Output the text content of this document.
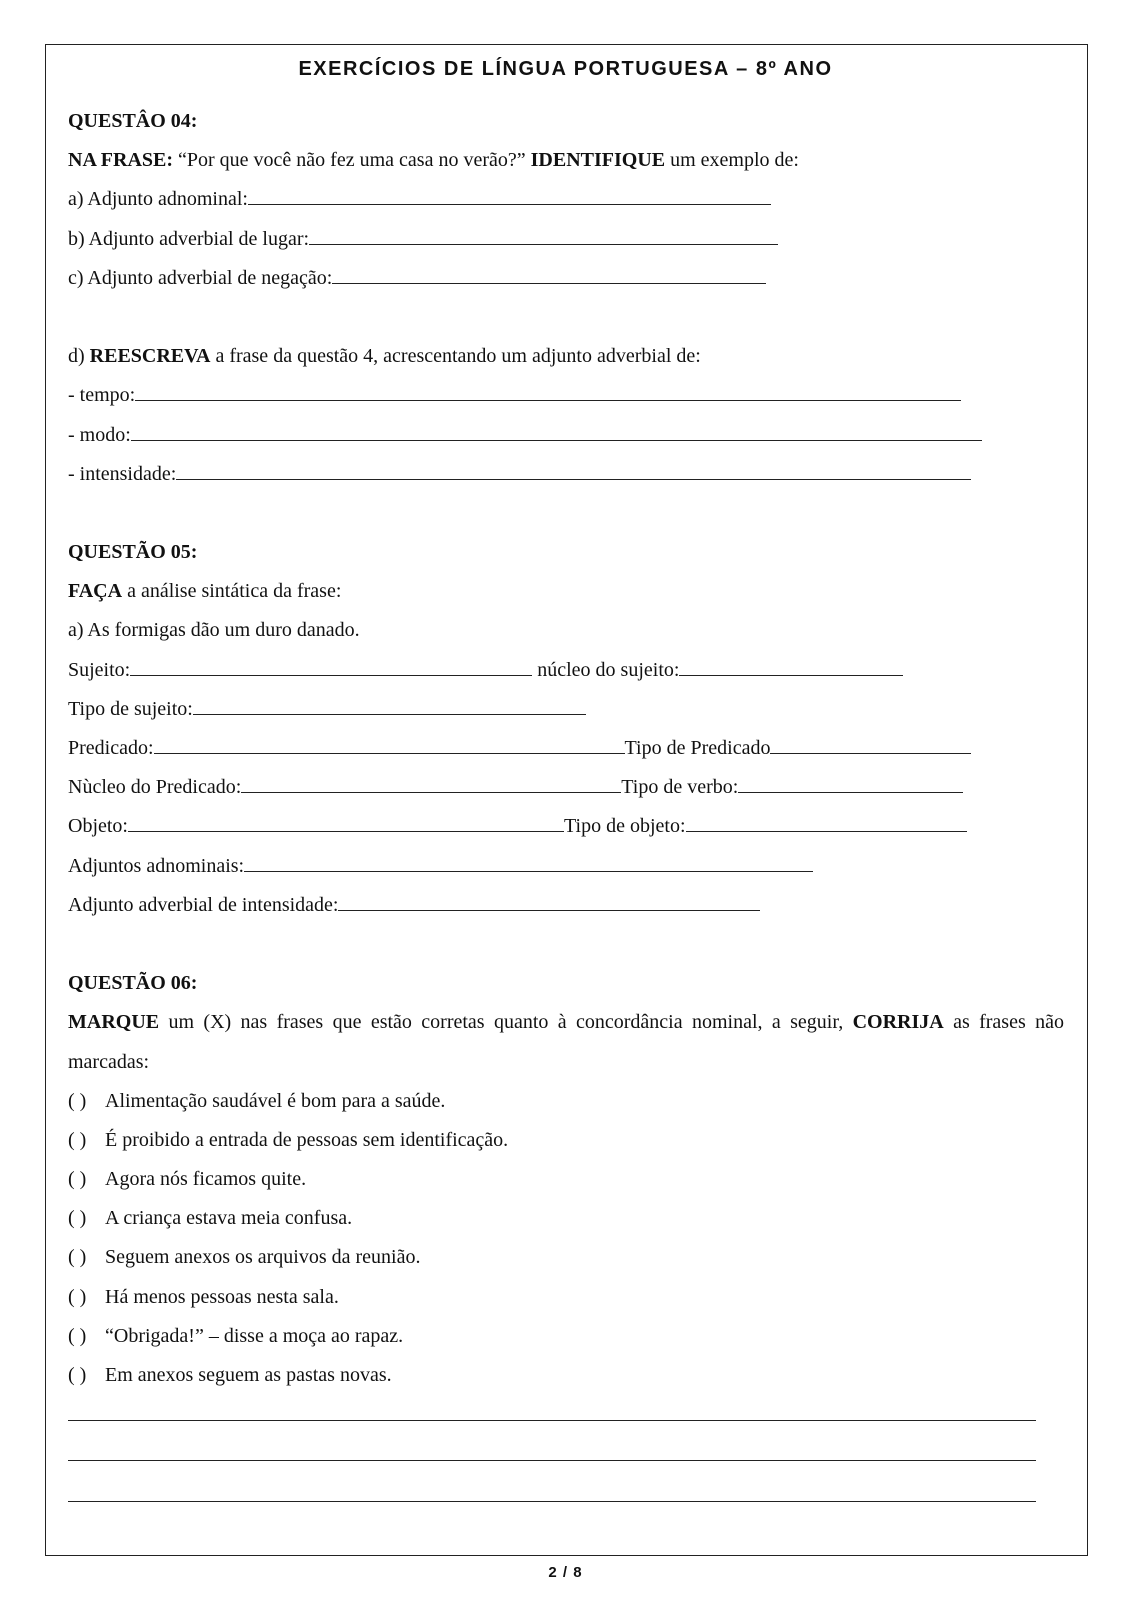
EXERCÍCIOS DE LÍNGUA PORTUGUESA – 8º ANO
QUESTÂO 04:
NA FRASE: “Por que você não fez uma casa no verão?” IDENTIFIQUE um exemplo de:
a) Adjunto adnominal:
b) Adjunto adverbial de lugar:
c) Adjunto adverbial de negação:
d) REESCREVA a frase da questão 4, acrescentando um adjunto adverbial de:
- tempo:
- modo:
- intensidade:
QUESTÃO 05:
FAÇA a análise sintática da frase:
a) As formigas dão um duro danado.
Sujeito:	núcleo do sujeito:
Tipo de sujeito:
Predicado:	Tipo de Predicado
Nùcleo do Predicado:	Tipo de verbo:
Objeto:	Tipo de objeto:
Adjuntos adnominais:
Adjunto adverbial de intensidade:
QUESTÃO 06:
MARQUE um (X) nas frases que estão corretas quanto à concordância nominal, a seguir, CORRIJA as frases não marcadas:
( ) Alimentação saudável é bom para a saúde.
( ) É proibido a entrada de pessoas sem identificação.
( ) Agora nós ficamos quite.
( ) A criança estava meia confusa.
( ) Seguem anexos os arquivos da reunião.
( ) Há menos pessoas nesta sala.
( ) “Obrigada!” – disse a moça ao rapaz.
( ) Em anexos seguem as pastas novas.
2 / 8
